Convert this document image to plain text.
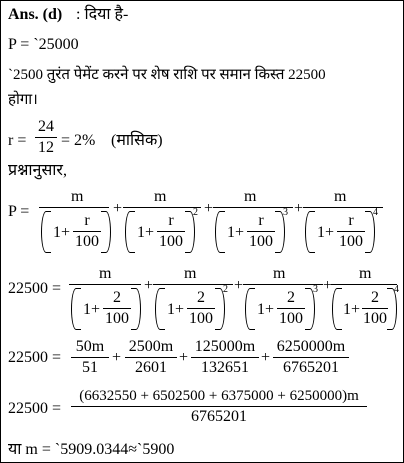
Ans. (d) : दिया है-
P = `25000
`2500 तुरंत पेमेंट करने पर शेष राशि पर समान किस्त 22500
होगा।
r =
24
12 = 2% (मासिक)
प्रश्नानुसार,
P =
m
1+
r
100
+
m
1+
r
100
2 +
m
1+
r
100
3 +
m
1+
r
100
4
22500 =
m
1+
2
100
+
m
1+
2
100
2 +
m
1+
2
100
3 +
m
1+
2
100
4
22500 =
50m
51
+
2500m
2601
+
125000m
132651
+
6250000m
6765201
22500 =
(6632550 + 6502500 + 6375000 + 6250000)m
6765201
या m = `5909.0344≈`5900
